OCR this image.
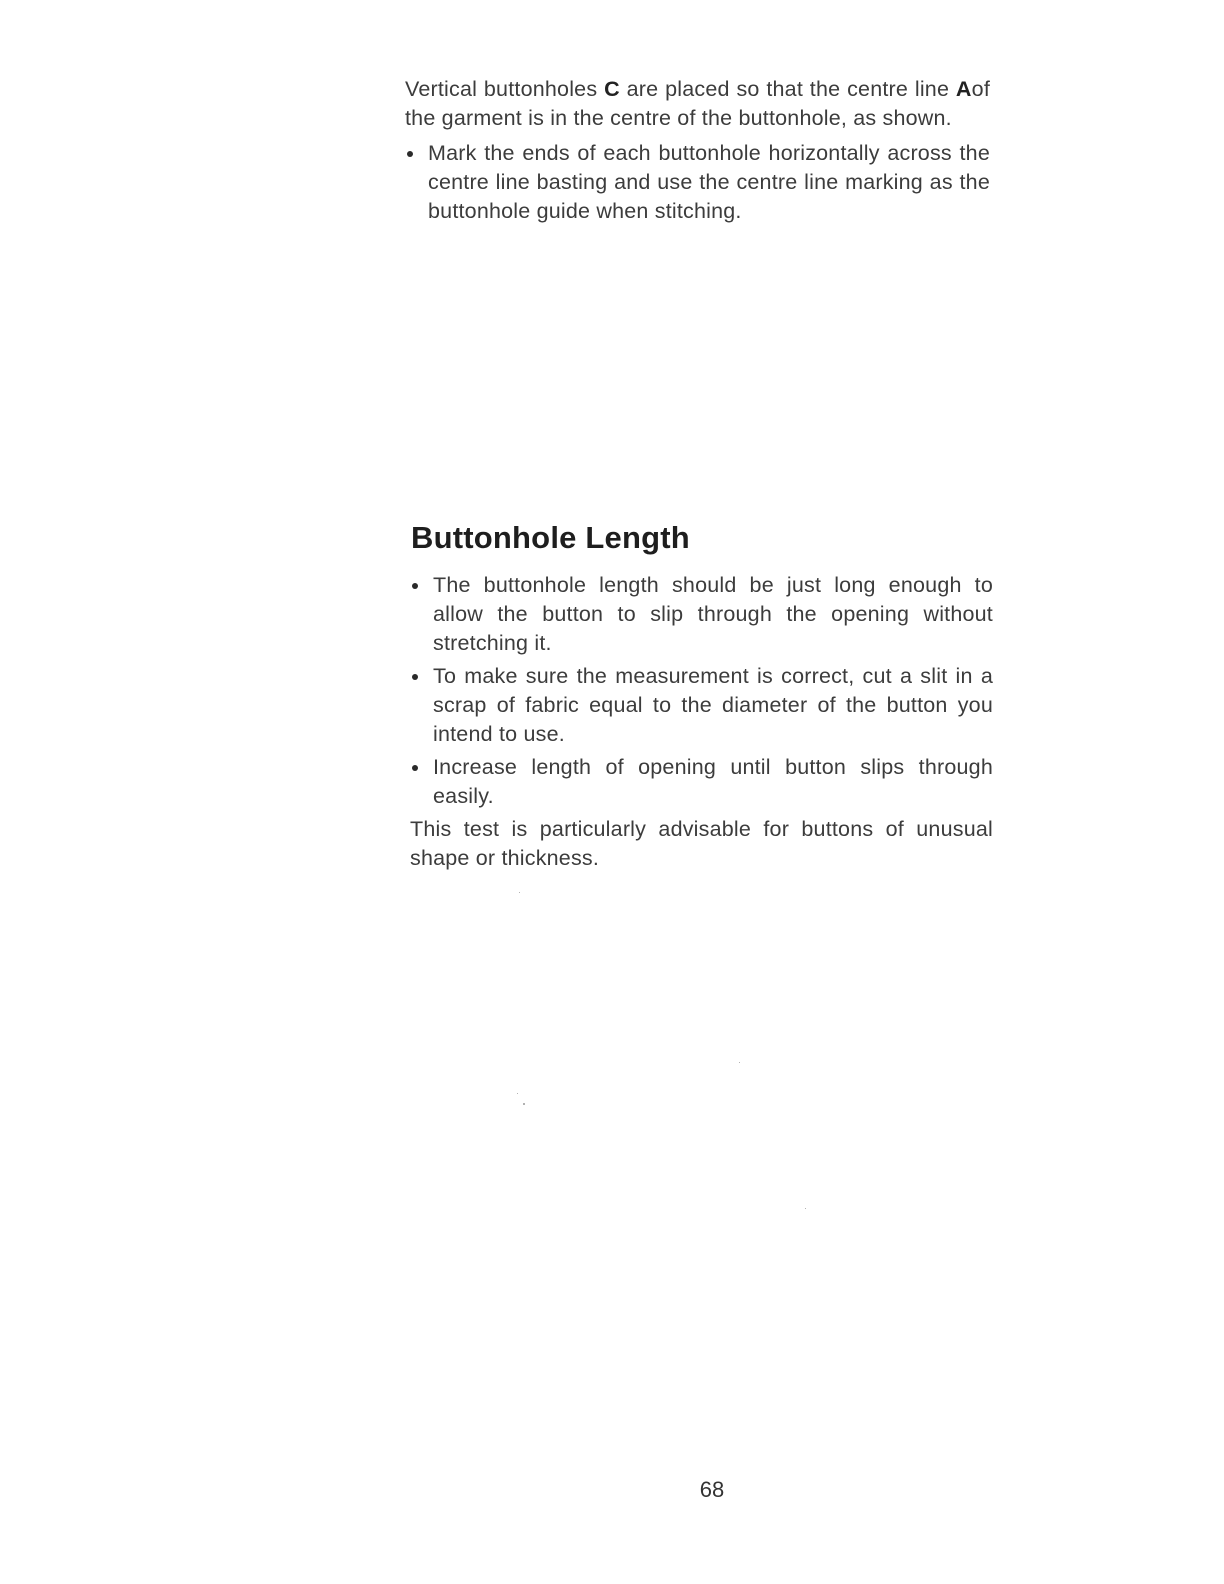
Vertical buttonholes C are placed so that the centre line Aof the garment is in the centre of the buttonhole, as shown.

Mark the ends of each buttonhole horizontally across the centre line basting and use the centre line marking as the buttonhole guide when stitching.

Buttonhole Length

The buttonhole length should be just long enough to allow the button to slip through the opening without stretching it.

To make sure the measurement is correct, cut a slit in a scrap of fabric equal to the diameter of the button you intend to use.

Increase length of opening until button slips through easily.

This test is particularly advisable for buttons of unusual shape or thickness.

68
